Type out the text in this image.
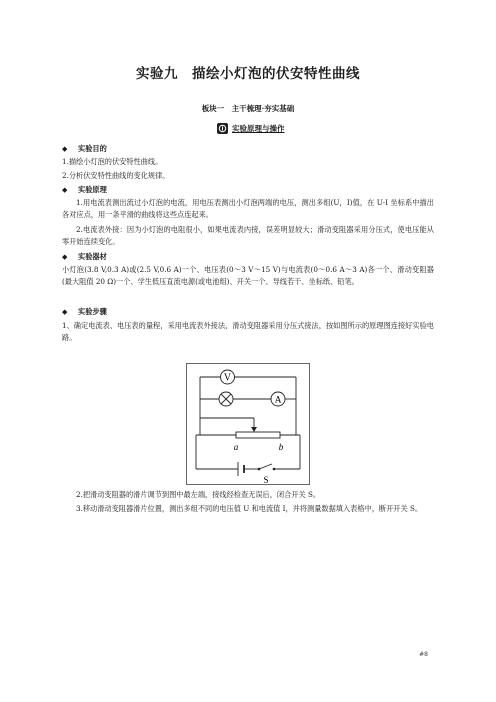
实验九　描绘小灯泡的伏安特性曲线
板块一　主干梳理·夯实基础
实验原理与操作
◆ 实验目的
1.描绘小灯泡的伏安特性曲线。
2.分析伏安特性曲线的变化规律。
◆ 实验原理
1.用电流表测出流过小灯泡的电流，用电压表测出小灯泡两端的电压，测出多组(U，I)值，在 U-I 坐标系中描出各对应点，用一条平滑的曲线将这些点连起来。
2.电流表外接：因为小灯泡的电阻很小，如果电流表内接，误差明显较大；滑动变阻器采用分压式，使电压能从零开始连续变化。
◆ 实验器材
小灯泡(3.8 V,0.3 A)或(2.5 V,0.6 A)一个、电压表(0～3 V～15 V)与电流表(0～0.6 A～3 A)各一个、滑动变阻器(最大阻值 20 Ω)一个、学生低压直流电源(或电池组)、开关一个、导线若干、坐标纸、铅笔。
◆ 实验步骤
1、确定电流表、电压表的量程，采用电流表外接法，滑动变阻器采用分压式接法，按如图所示的原理图连接好实验电路。
V
A
a	b
S
2.把滑动变阻器的滑片调节到图中最左端，接线经检查无误后，闭合开关 S。
3.移动滑动变阻器滑片位置，测出多组不同的电压值 U 和电流值 I，并将测量数据填入表格中，断开开关 S。
#8
